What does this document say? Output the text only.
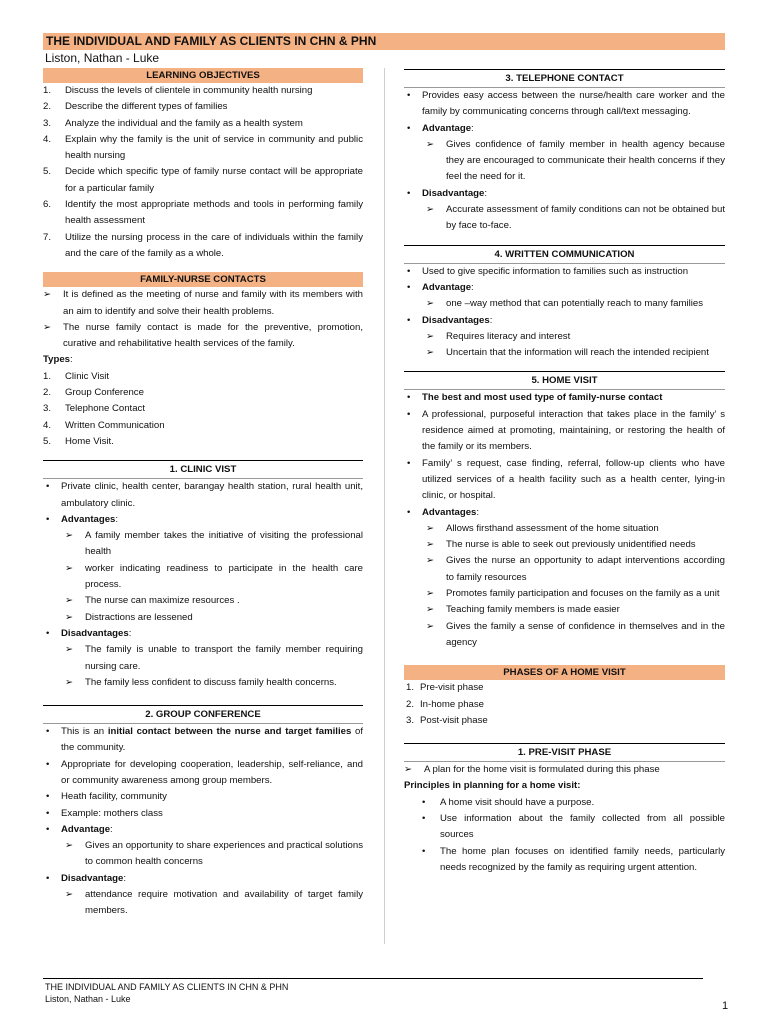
THE INDIVIDUAL AND FAMILY AS CLIENTS IN CHN & PHN
Liston, Nathan - Luke
LEARNING OBJECTIVES
1.	Discuss the levels of clientele in community health nursing
2.	Describe the different types of families
3.	Analyze the individual and the family as a health system
4.	Explain why the family is the unit of service in community and public health nursing
5.	Decide which specific type of family nurse contact will be appropriate for a particular family
6.	Identify the most appropriate methods and tools in performing family health assessment
7.	Utilize the nursing process in the care of individuals within the family and the care of the family as a whole.
FAMILY-NURSE CONTACTS
➢	It is defined as the meeting of nurse and family with its members with an aim to identify and solve their health problems.
➢	The nurse family contact is made for the preventive, promotion, curative and rehabilitative health services of the family.
Types:
1.	Clinic Visit
2.	Group Conference
3.	Telephone Contact
4.	Written Communication
5.	Home Visit.
1. CLINIC VIST
•	Private clinic, health center, barangay health station, rural health unit, ambulatory clinic.
•	Advantages:
➢	A family member takes the initiative of visiting the professional health
➢	worker indicating readiness to participate in the health care process.
➢	The nurse can maximize resources .
➢	Distractions are lessened
•	Disadvantages:
➢	The family is unable to transport the family member requiring nursing care.
➢	The family less confident to discuss family health concerns.
2. GROUP CONFERENCE
•	This is an initial contact between the nurse and target families of the community.
•	Appropriate for developing cooperation, leadership, self-reliance, and or community awareness among group members.
•	Heath facility, community
•	Example: mothers class
•	Advantage:
➢	Gives an opportunity to share experiences and practical solutions to common health concerns
•	Disadvantage:
➢	attendance require motivation and availability of target family members.
3. TELEPHONE CONTACT
•	Provides easy access between the nurse/health care worker and the family by communicating concerns through call/text messaging.
•	Advantage:
➢	Gives confidence of family member in health agency because they are encouraged to communicate their health concerns if they feel the need for it.
•	Disadvantage:
➢	Accurate assessment of family conditions can not be obtained but by face to-face.
4. WRITTEN COMMUNICATION
•	Used to give specific information to families such as instruction
•	Advantage:
➢	one –way method that can potentially reach to many families
•	Disadvantages:
➢	Requires literacy and interest
➢	Uncertain that the information will reach the intended recipient
5. HOME VISIT
•	The best and most used type of family-nurse contact
•	A professional, purposeful interaction that takes place in the family’ s residence aimed at promoting, maintaining, or restoring the health of the family or its members.
•	Family’ s request, case finding, referral, follow-up clients who have utilized services of a health facility such as a health center, lying-in clinic, or hospital.
•	Advantages:
➢	Allows firsthand assessment of the home situation
➢	The nurse is able to seek out previously unidentified needs
➢	Gives the nurse an opportunity to adapt interventions according to family resources
➢	Promotes family participation and focuses on the family as a unit
➢	Teaching family members is made easier
➢	Gives the family a sense of confidence in themselves and in the agency
PHASES OF A HOME VISIT
1. Pre-visit phase
2. In-home phase
3. Post-visit phase
1. PRE-VISIT PHASE
➢	A plan for the home visit is formulated during this phase
Principles in planning for a home visit:
•	A home visit should have a purpose.
•	Use information about the family collected from all possible sources
•	The home plan focuses on identified family needs, particularly needs recognized by the family as requiring urgent attention.
THE INDIVIDUAL AND FAMILY AS CLIENTS IN CHN & PHN
Liston, Nathan - Luke
1
